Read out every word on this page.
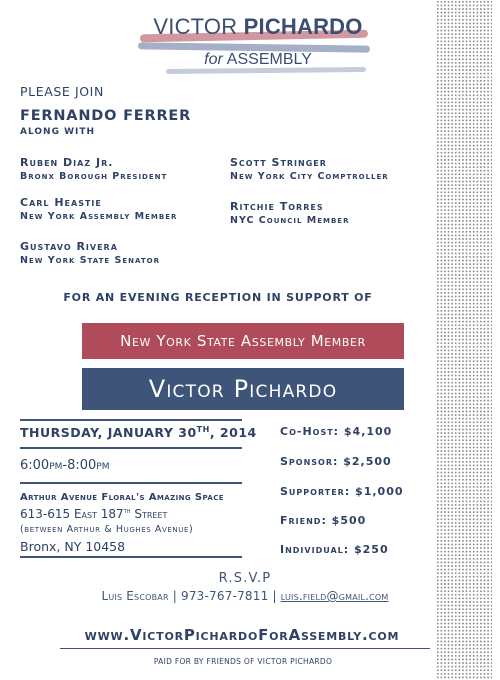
VICTOR PICHARDO
for ASSEMBLY
PLEASE JOIN
FERNANDO FERRER
ALONG WITH
Ruben Diaz Jr.
Bronx Borough President
Carl Heastie
New York Assembly Member
Gustavo Rivera
New York State Senator
Scott Stringer
New York City Comptroller
Ritchie Torres
NYC Council Member
FOR AN EVENING RECEPTION IN SUPPORT OF
New York State Assembly Member
Victor Pichardo
THURSDAY, JANUARY 30TH, 2014
6:00pm-8:00pm
Arthur Avenue Floral's Amazing Space
613-615 East 187th Street
(between Arthur & Hughes Avenue)
Bronx, NY 10458
Co-Host: $4,100
Sponsor: $2,500
Supporter: $1,000
Friend: $500
Individual: $250
R.S.V.P
Luis Escobar | 973-767-7811 | luis.field@gmail.com
www.VictorPichardoForAssembly.com
PAID FOR BY FRIENDS OF VICTOR PICHARDO
